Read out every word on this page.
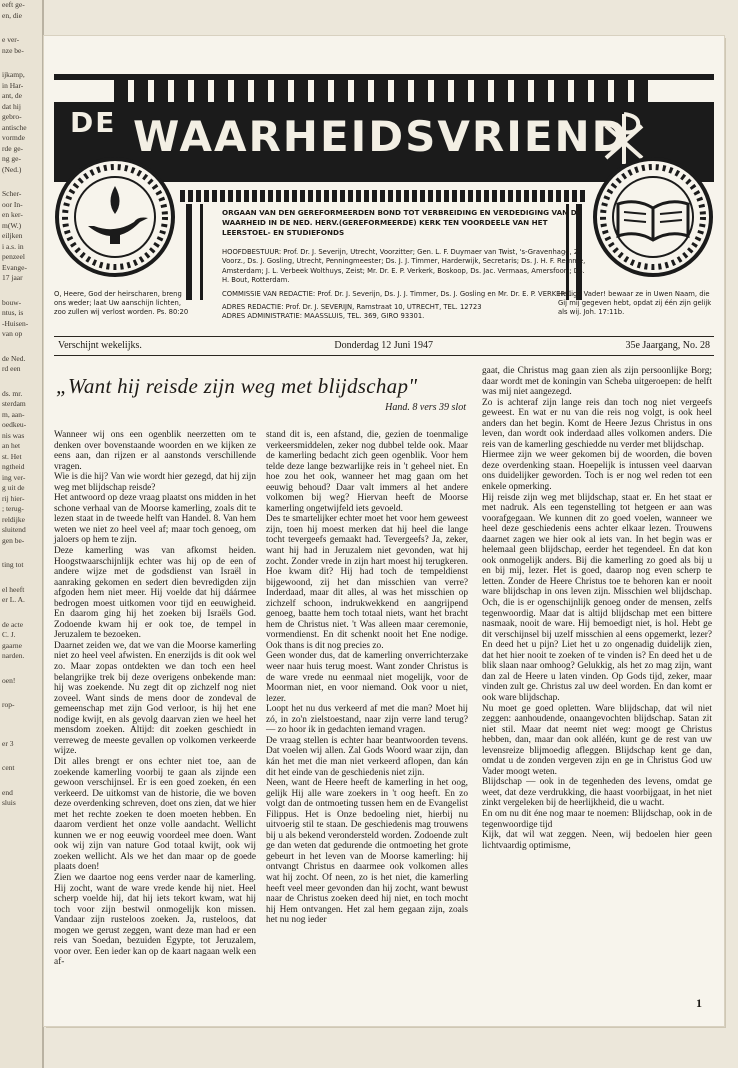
eeft ge-
en, die
e ver-
nze be-
ijkamp,
in Har-
ant, de
dat hij
gebro-
antische
vormde
rde ge-
ng ge-
(Ned.)
Scher-
oor In-
en ker-
m(W.)
eiljken
i a.s. in
penzeel
Evange-
17 jaar
bouw-
ntus, is
-Huisen-
van op
de Ned.
rd een
ds. mr.
sterdam
m, aan-
oedkeu-
nis was
an het
st. Het
ngtheid
ing ver-
g uit de
rij hier-
; terug-
reldijke
sluitend
gen be-
ting tot
el heeft
er L. A.
de acte
C. J.
gaarne
narden.
oen!
rop-
er 3
cent
end
sluis
$^{DE}$ WAARHEIDSVRIEND
ORGAAN VAN DEN GEREFORMEERDEN BOND TOT VERBREIDING EN VERDEDIGING VAN DE WAARHEID IN DE NED. HERV.(GEREFORMEERDE) KERK TEN VOORDEELE VAN HET LEERSTOEL- EN STUDIEFONDS

HOOFDBESTUUR: Prof. Dr. J. Severijn, Utrecht, Voorzitter; Gen. L. F. Duymaer van Twist, 's-Gravenhage, 2e Voorz., Ds. J. Gosling, Utrecht, Penningmeester; Ds. J. J. Timmer, Harderwijk, Secretaris; Ds. J. H. F. Remme, Amsterdam; J. L. Verbeek Wolthuys, Zeist; Mr. Dr. E. P. Verkerk, Boskoop, Ds. Jac. Vermaas, Amersfoort; Ds. H. Bout, Rotterdam.

COMMISSIE VAN REDACTIE: Prof. Dr. J. Severijn, Ds. J. J. Timmer, Ds. J. Gosling en Mr. Dr. E. P. VERKERK.

ADRES REDACTIE: Prof. Dr. J. SEVERIJN, Ramstraat 10, UTRECHT, TEL. 12723

ADRES ADMINISTRATIE: MAASSLUIS, TEL. 369, GIRO 93301.

O, Heere, God der heirscharen, breng ons weder; laat Uw aanschijn lichten, zoo zullen wij verlost worden. Ps. 80:20
Heilige Vader! bewaar ze in Uwen Naam, die Gij mij gegeven hebt, opdat zij één zijn gelijk als wij. Joh. 17:11b.
Verschijnt wekelijks.	Donderdag 12 Juni 1947	35e Jaargang, No. 28
„Want hij reisde zijn weg met blijdschap"
Hand. 8 vers 39 slot

Wanneer wij ons een ogenblik neerzetten om te denken over bovenstaande woorden en we kijken ze eens aan, dan rijzen er al aanstonds verschillende vragen.

Wie is die hij? Van wie wordt hier gezegd, dat hij zijn weg met blijdschap reisde?

Het antwoord op deze vraag plaatst ons midden in het schone verhaal van de Moorse kamerling, zoals dit te lezen staat in de tweede helft van Handel. 8. Van hem weten we niet zo heel veel af; maar toch genoeg, om jaloers op hem te zijn.

Deze kamerling was van afkomst heiden. Hoogstwaarschijnlijk echter was hij op de een of andere wijze met de godsdienst van Israël in aanraking gekomen en sedert dien bevredigden zijn afgoden hem niet meer. Hij voelde dat hij dáármee bedrogen moest uitkomen voor tijd en eeuwigheid. En daarom ging hij het zoeken bij Israëls God. Zodoende kwam hij er ook toe, de tempel in Jeruzalem te bezoeken.

Daarnet zeiden we, dat we van die Moorse kamerling niet zo heel veel afwisten. En enerzijds is dit ook wel zo. Maar zopas ontdekten we dan toch een heel belangrijke trek bij deze overigens onbekende man: hij was zoekende. Nu zegt dit op zichzelf nog niet zoveel. Want sinds de mens door de zondeval de gemeenschap met zijn God verloor, is hij het ene nodige kwijt, en als gevolg daarvan zien we heel het mensdom zoeken. Altijd: dit zoeken geschiedt in verreweg de meeste gevallen op volkomen verkeerde wijze.

Dit alles brengt er ons echter niet toe, aan de zoekende kamerling voorbij te gaan als zijnde een gewoon verschijnsel. Er is een goed zoeken, én een verkeerd. De uitkomst van de historie, die we boven deze overdenking schreven, doet ons zien, dat we hier met het rechte zoeken te doen moeten hebben. En daarom verdient het onze volle aandacht. Wellicht kunnen we er nog eeuwig voordeel mee doen. Want ook wij zijn van nature God totaal kwijt, ook wij zoeken wellicht. Als we het dan maar op de goede plaats doen!

Zien we daartoe nog eens verder naar de kamerling. Hij zocht, want de ware vrede kende hij niet. Heel scherp voelde hij, dat hij iets tekort kwam, wat hij toch voor zijn bestwil onmogelijk kon missen. Vandaar zijn rusteloos zoeken. Ja, rusteloos, dat mogen we gerust zeggen, want deze man had er een reis van Soedan, bezuiden Egypte, tot Jeruzalem, voor over. Een ieder kan op de kaart nagaan welk een af-

stand dit is, een afstand, die, gezien de toenmalige verkeersmiddelen, zeker nog dubbel telde ook. Maar de kamerling bedacht zich geen ogenblik. Voor hem telde deze lange bezwarlijke reis in 't geheel niet. En hoe zou het ook, wanneer het mag gaan om het eeuwig behoud? Daar valt immers al het andere volkomen bij weg? Hiervan heeft de Moorse kamerling ongetwijfeld iets gevoeld.

Des te smartelijker echter moet het voor hem geweest zijn, toen hij moest merken dat hij heel die lange tocht tevergeefs gemaakt had. Tevergeefs? Ja, zeker, want hij had in Jeruzalem niet gevonden, wat hij zocht. Zonder vrede in zijn hart moest hij terugkeren. Hoe kwam dit? Hij had toch de tempeldienst bijgewoond, zij het dan misschien van verre? Inderdaad, maar dit alles, al was het misschien op zichzelf schoon, indrukwekkend en aangrijpend genoeg, baatte hem toch totaal niets, want het bracht hem de Christus niet. 't Was alleen maar ceremonie, vormendienst. En dit schenkt nooit het Ene nodige. Ook thans is dit nog precies zo.

Geen wonder dus, dat de kamerling onverrichterzake weer naar huis terug moest. Want zonder Christus is de ware vrede nu eenmaal niet mogelijk, voor de Moorman niet, en voor niemand. Ook voor u niet, lezer.

Loopt het nu dus verkeerd af met die man? Moet hij zó, in zo'n zielstoestand, naar zijn verre land terug? — zo hoor ik in gedachten iemand vragen.

De vraag stellen is echter haar beantwoorden tevens. Dat voelen wij allen. Zal Gods Woord waar zijn, dan kán het met die man niet verkeerd aflopen, dan kán dit het einde van de geschiedenis niet zijn.

Neen, want de Heere heeft de kamerling in het oog, gelijk Hij alle ware zoekers in 't oog heeft. En zo volgt dan de ontmoeting tussen hem en de Evangelist Filippus. Het is Onze bedoeling niet, hierbij nu uitvoerig stil te staan. De geschiedenis mag trouwens bij u als bekend verondersteld worden. Zodoende zult ge dan weten dat gedurende die ontmoeting het grote gebeurt in het leven van de Moorse kamerling: hij ontvangt Christus en daarmee ook volkomen alles wat hij zocht. Of neen, zo is het niet, die kamerling heeft veel meer gevonden dan hij zocht, want bewust naar de Christus zoeken deed hij niet, en toch mocht hij Hem ontvangen. Het zal hem gegaan zijn, zoals het nu nog ieder

gaat, die Christus mag gaan zien als zijn persoonlijke Borg; daar wordt met de koningin van Scheba uitgeroepen: de helft was mij niet aangezegd.

Zo is achteraf zijn lange reis dan toch nog niet vergeefs geweest. En wat er nu van die reis nog volgt, is ook heel anders dan het begin. Komt de Heere Jezus Christus in ons leven, dan wordt ook inderdaad alles volkomen anders. Die reis van de kamerling geschiedde nu verder met blijdschap.

Hiermee zijn we weer gekomen bij de woorden, die boven deze overdenking staan. Hoepelijk is intussen veel daarvan ons duidelijker geworden. Toch is er nog wel reden tot een enkele opmerking.

Hij reisde zijn weg met blijdschap, staat er. En het staat er met nadruk. Als een tegenstelling tot hetgeen er aan was voorafgegaan. We kunnen dit zo goed voelen, wanneer we heel deze geschiedenis eens achter elkaar lezen. Trouwens daarnet zagen we hier ook al iets van. In het begin was er helemaal geen blijdschap, eerder het tegendeel. En dat kon ook onmogelijk anders. Bij die kamerling zo goed als bij u en bij mij, lezer. Het is goed, daarop nog even scherp te letten. Zonder de Heere Christus toe te behoren kan er nooit ware blijdschap in ons leven zijn. Misschien wel blijdschap. Och, die is er ogenschijnlijk genoeg onder de mensen, zelfs tegenwoordig. Maar dat is altijd blijdschap met een bittere nasmaak, nooit de ware. Hij bemoedigt niet, is hol. Hebt ge dit verschijnsel bij uzelf misschien al eens opgemerkt, lezer? En deed het u pijn? Liet het u zo ongenadig duidelijk zien, dat het hier nooit te zoeken of te vinden is? En deed het u de blik slaan naar omhoog? Gelukkig, als het zo mag zijn, want dan zal de Heere u laten vinden. Op Gods tijd, zeker, maar vinden zult ge. Christus zal uw deel worden. En dan komt er ook ware blijdschap.

Nu moet ge goed opletten. Ware blijdschap, dat wil niet zeggen: aanhoudende, onaangevochten blijdschap. Satan zit niet stil. Maar dat neemt niet weg: moogt ge Christus hebben, dan, maar dan ook alléén, kunt ge de rest van uw levensreize blijmoedig afleggen. Blijdschap kent ge dan, omdat u de zonden vergeven zijn en ge in Christus God uw Vader moogt weten.

Blijdschap — ook in de tegenheden des levens, omdat ge weet, dat deze verdrukking, die haast voorbijgaat, in het niet zinkt vergeleken bij de heerlijkheid, die u wacht.

En om nu dit éne nog maar te noemen: Blijdschap, ook in de tegenwoordige tijd

Kijk, dat wil wat zeggen. Neen, wij bedoelen hier geen lichtvaardig optimisme,

1
